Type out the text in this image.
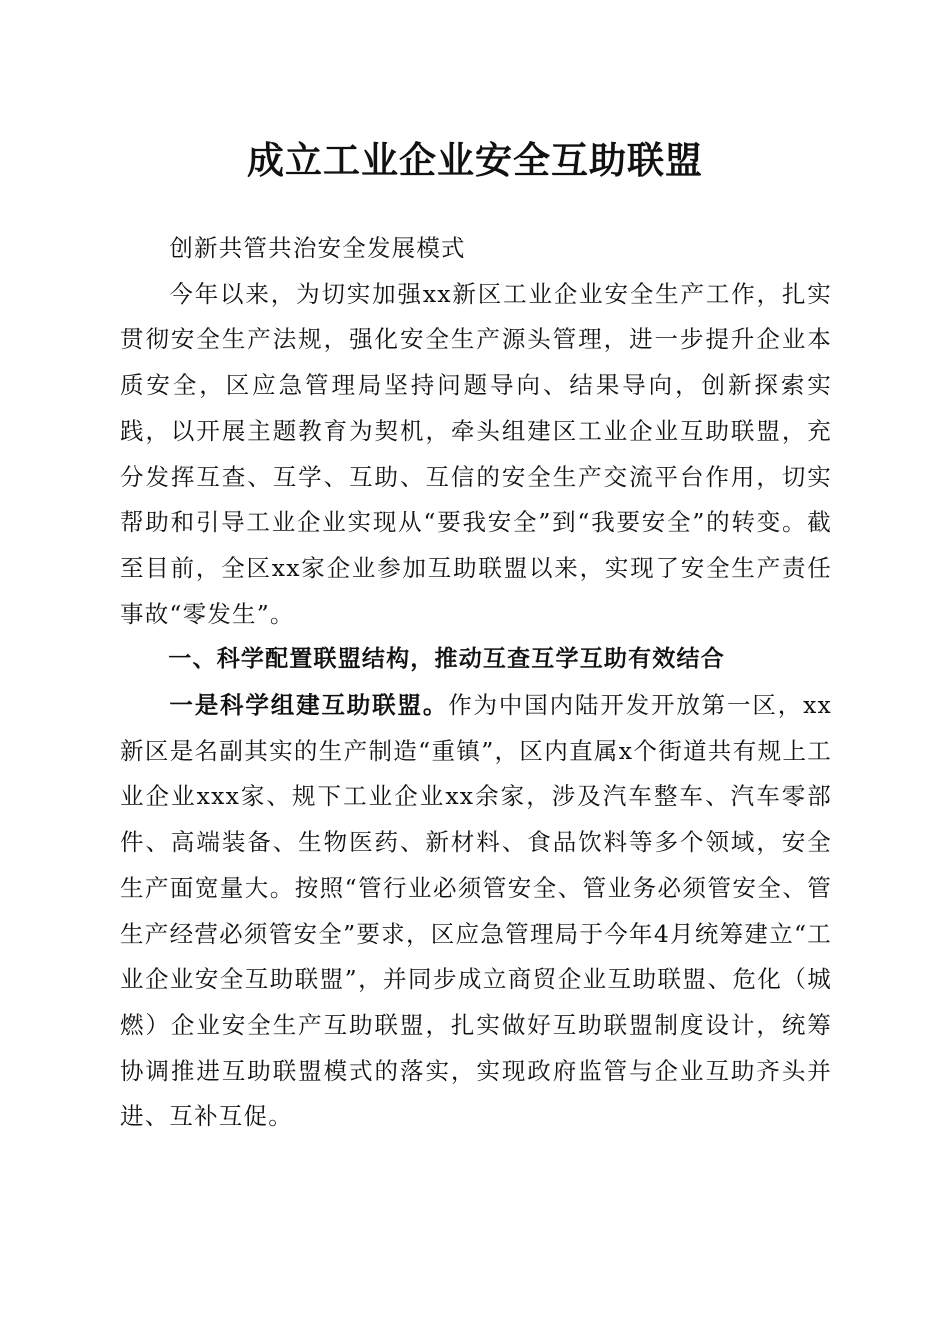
成立工业企业安全互助联盟

创新共管共治安全发展模式

今年以来，为切实加强xx新区工业企业安全生产工作，扎实贯彻安全生产法规，强化安全生产源头管理，进一步提升企业本质安全，区应急管理局坚持问题导向、结果导向，创新探索实践，以开展主题教育为契机，牵头组建区工业企业互助联盟，充分发挥互查、互学、互助、互信的安全生产交流平台作用，切实帮助和引导工业企业实现从“要我安全”到“我要安全”的转变。截至目前，全区xx家企业参加互助联盟以来，实现了安全生产责任事故“零发生”。

一、科学配置联盟结构，推动互查互学互助有效结合

一是科学组建互助联盟。作为中国内陆开发开放第一区，xx新区是名副其实的生产制造“重镇”，区内直属x个街道共有规上工业企业xxx家、规下工业企业xx余家，涉及汽车整车、汽车零部件、高端装备、生物医药、新材料、食品饮料等多个领域，安全生产面宽量大。按照“管行业必须管安全、管业务必须管安全、管生产经营必须管安全”要求，区应急管理局于今年4月统筹建立“工业企业安全互助联盟”，并同步成立商贸企业互助联盟、危化（城燃）企业安全生产互助联盟，扎实做好互助联盟制度设计，统筹协调推进互助联盟模式的落实，实现政府监管与企业互助齐头并进、互补互促。
